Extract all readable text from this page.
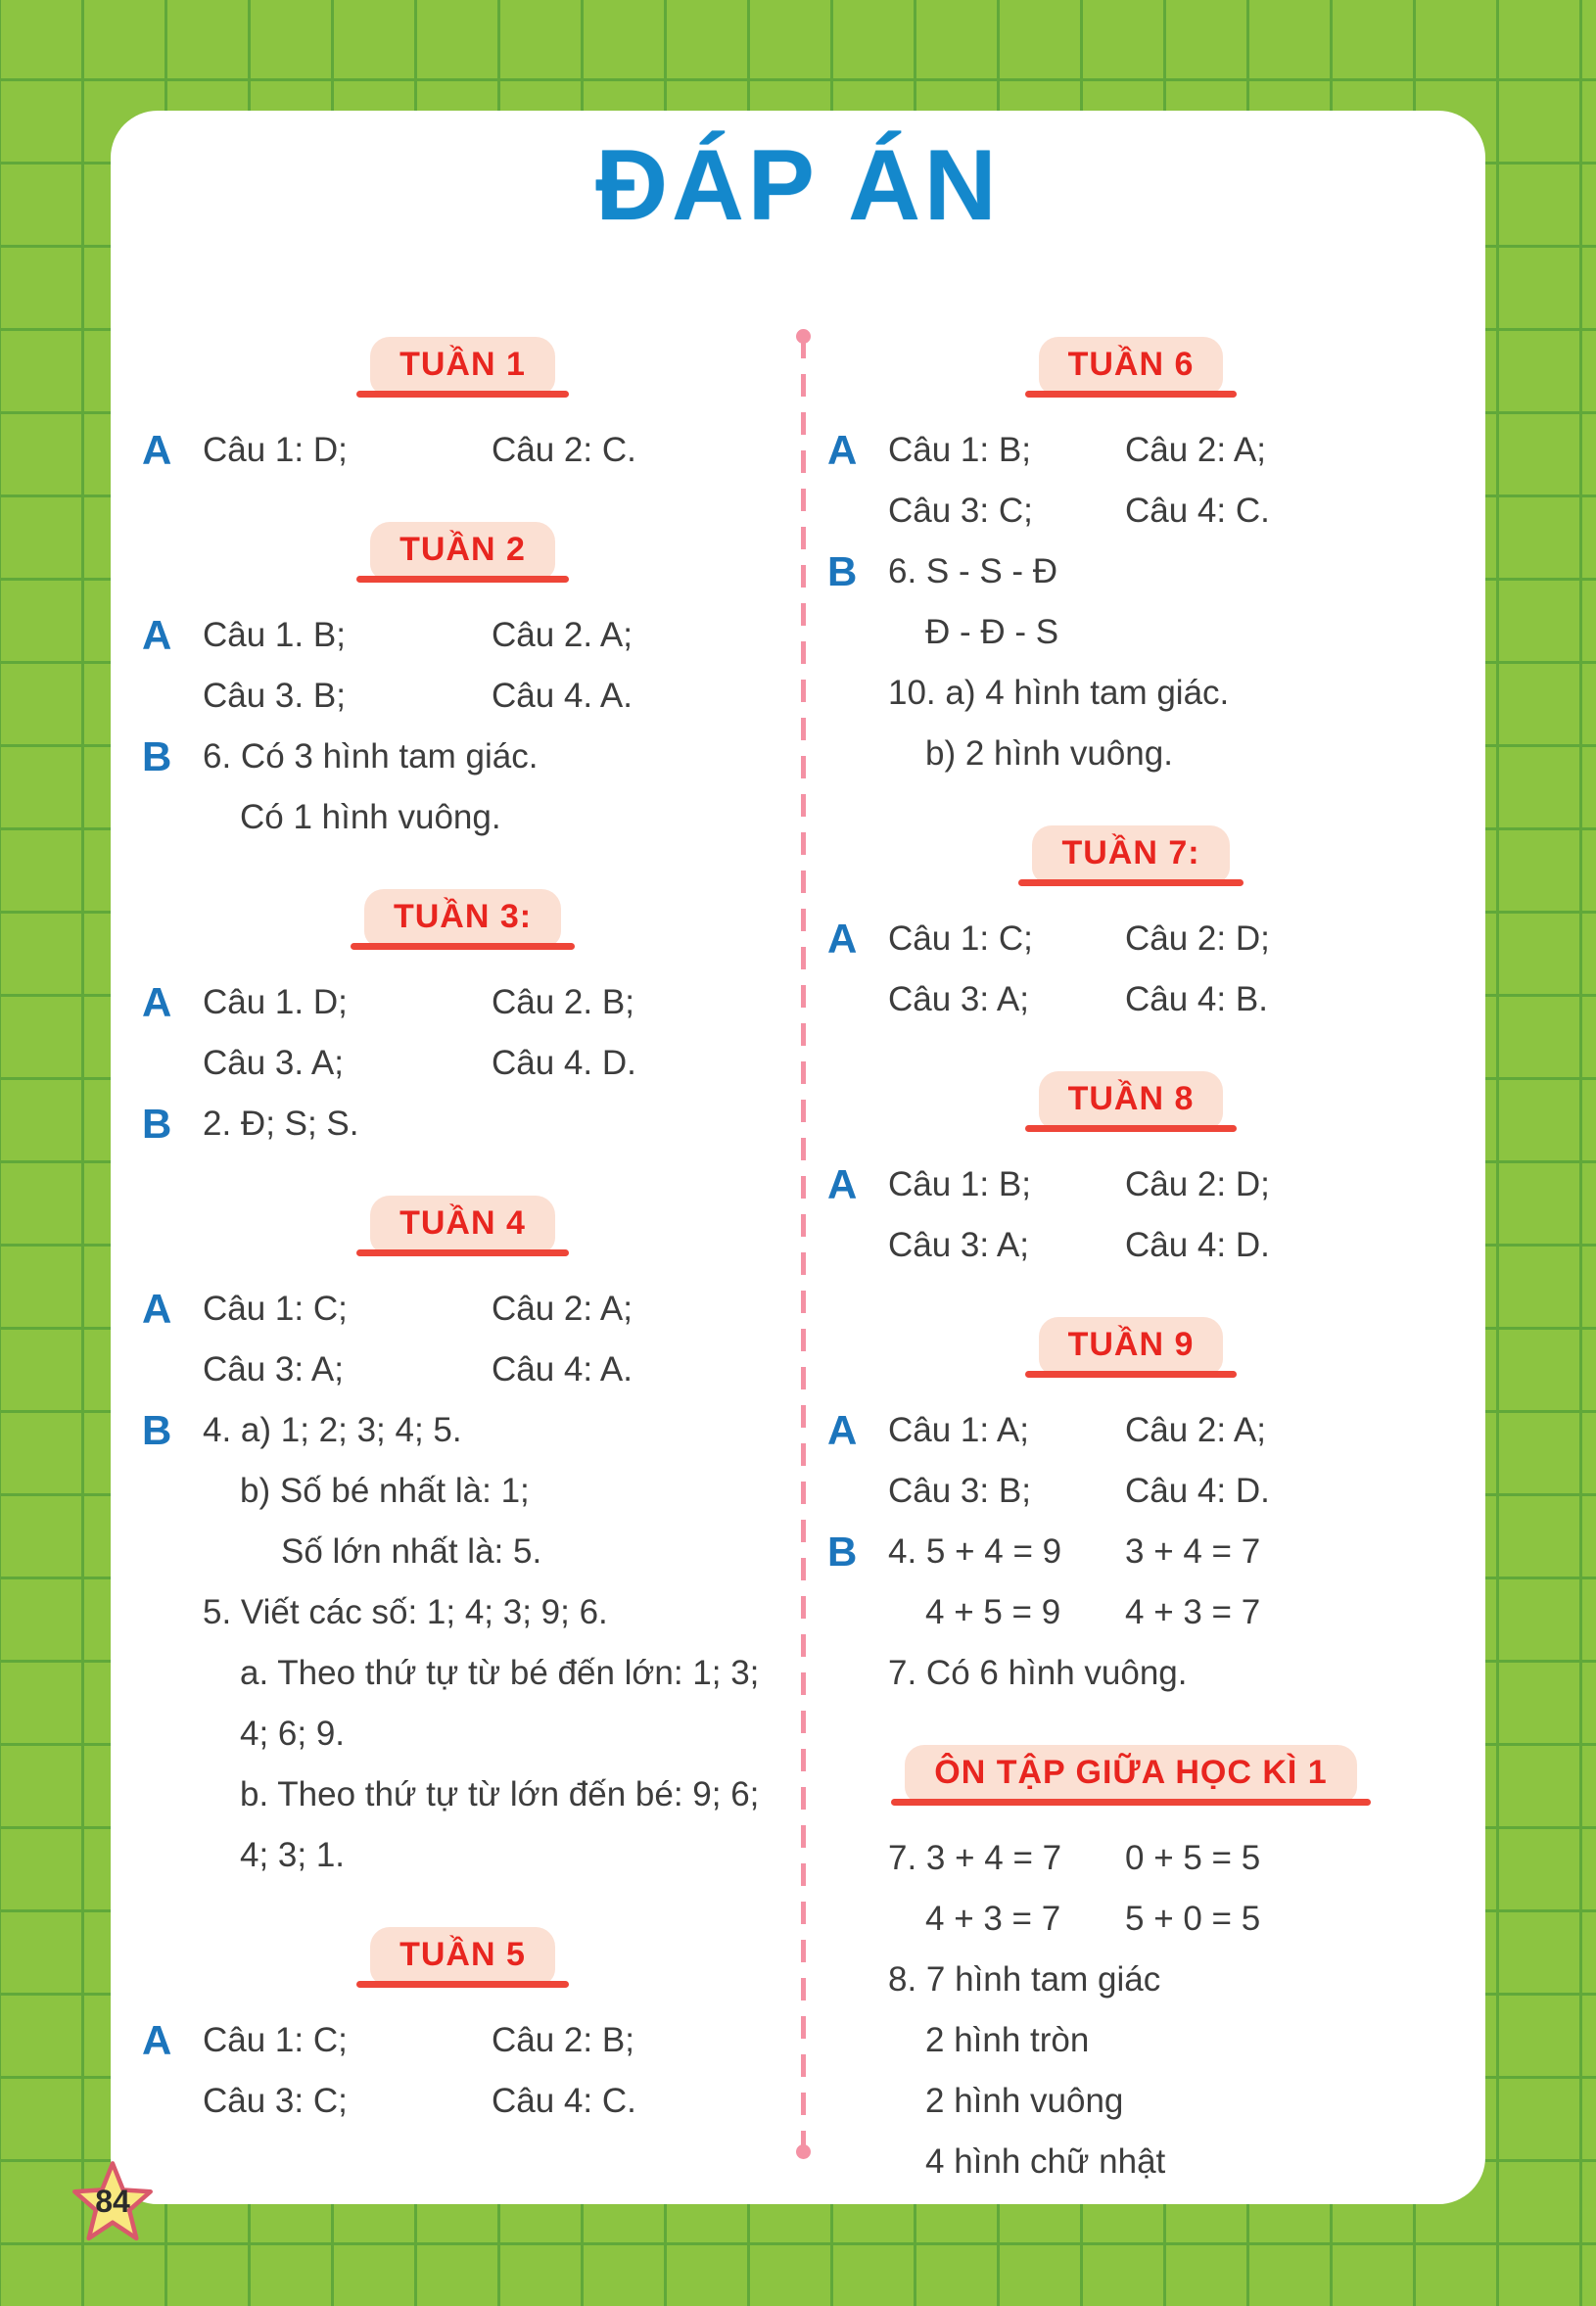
ĐÁP ÁN
TUẦN 1
A Câu 1: D;	Câu 2: C.
TUẦN 2
A Câu 1. B;	Câu 2. A;
Câu 3. B;	Câu 4. A.
B 6. Có 3 hình tam giác.
Có 1 hình vuông.
TUẦN 3:
A Câu 1. D;	Câu 2. B;
Câu 3. A;	Câu 4. D.
B 2. Đ; S; S.
TUẦN 4
A Câu 1: C;	Câu 2: A;
Câu 3: A;	Câu 4: A.
B 4. a) 1; 2; 3; 4; 5.
b) Số bé nhất là: 1;
Số lớn nhất là: 5.
5. Viết các số: 1; 4; 3; 9; 6.
a. Theo thứ tự từ bé đến lớn: 1; 3;
4; 6; 9.
b. Theo thứ tự từ lớn đến bé: 9; 6;
4; 3; 1.
TUẦN 5
A Câu 1: C;	Câu 2: B;
Câu 3: C;	Câu 4: C.
TUẦN 6
A Câu 1: B;	Câu 2: A;
Câu 3: C;	Câu 4: C.
B 6. S - S - Đ
Đ - Đ - S
10. a) 4 hình tam giác.
b) 2 hình vuông.
TUẦN 7:
A Câu 1: C;	Câu 2: D;
Câu 3: A;	Câu 4: B.
TUẦN 8
A Câu 1: B;	Câu 2: D;
Câu 3: A;	Câu 4: D.
TUẦN 9
A Câu 1: A;	Câu 2: A;
Câu 3: B;	Câu 4: D.
B 4. 5 + 4 = 9	3 + 4 = 7
4 + 5 = 9	4 + 3 = 7
7. Có 6 hình vuông.
ÔN TẬP GIỮA HỌC KÌ 1
7. 3 + 4 = 7	0 + 5 = 5
4 + 3 = 7	5 + 0 = 5
8. 7 hình tam giác
2 hình tròn
2 hình vuông
4 hình chữ nhật
84
